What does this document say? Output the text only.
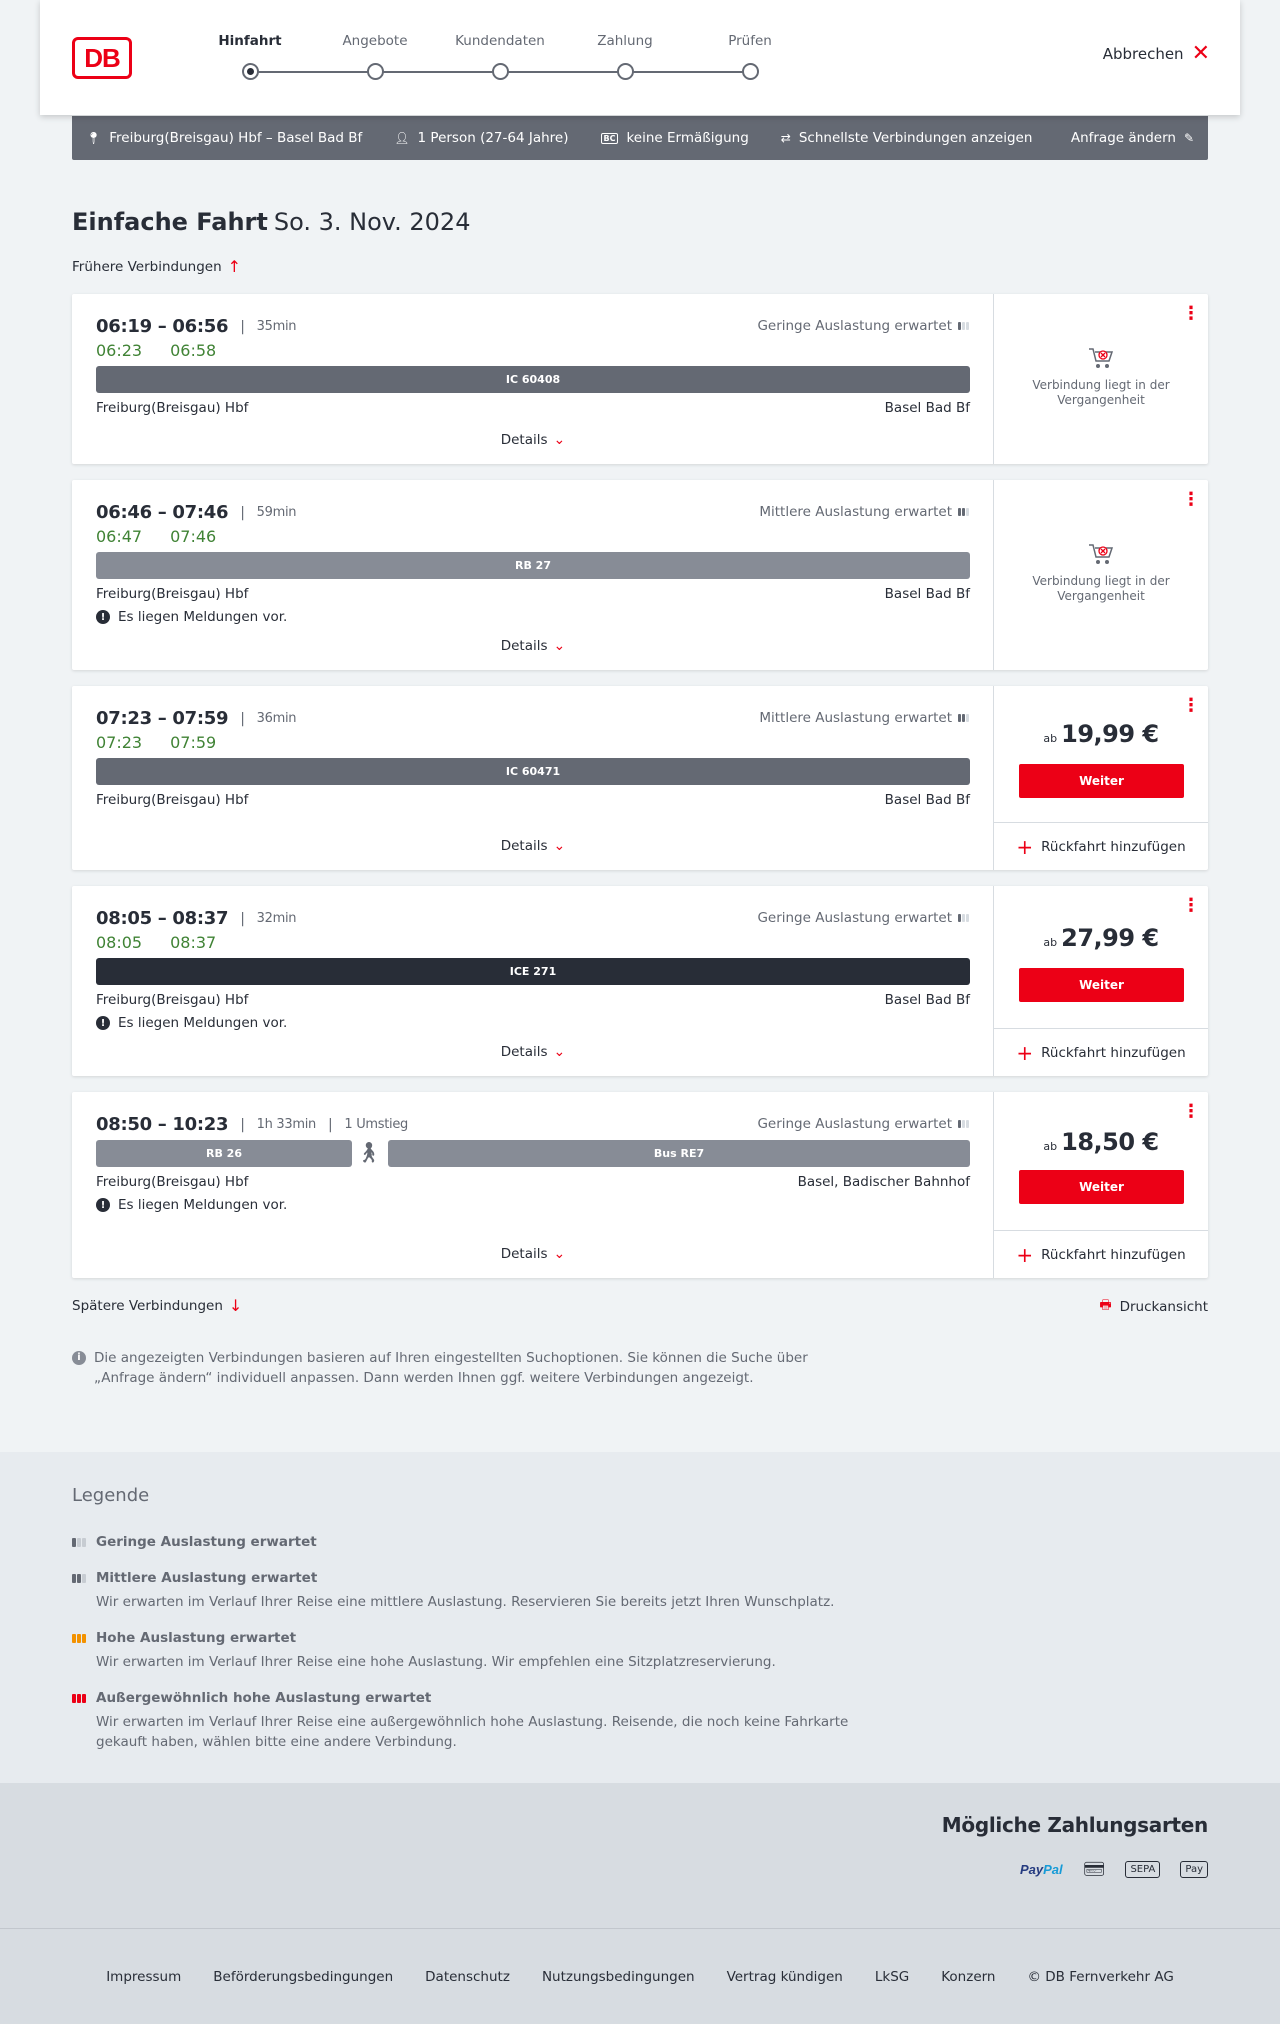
DB
Hinfahrt	Angebote	Kundendaten	Zahlung	Prüfen
Abbrechen ✕
📍︎ Freiburg(Breisgau) Hbf – Basel Bad Bf	👤︎ 1 Person (27-64 Jahre)	BC keine Ermäßigung	⇄ Schnellste Verbindungen anzeigen	Anfrage ändern ✎
Einfache Fahrt So. 3. Nov. 2024
Frühere Verbindungen ↑
06:19 – 06:56 | 35min
06:23 06:58
Geringe Auslastung erwartet
IC 60408
Freiburg(Breisgau) Hbf	Basel Bad Bf
Details ⌄
⋮
Verbindung liegt in der Vergangenheit
06:46 – 07:46 | 59min
06:47 07:46
Mittlere Auslastung erwartet
RB 27
Freiburg(Breisgau) Hbf	Basel Bad Bf
! Es liegen Meldungen vor.
Details ⌄
⋮
Verbindung liegt in der Vergangenheit
07:23 – 07:59 | 36min
07:23 07:59
Mittlere Auslastung erwartet
IC 60471
Freiburg(Breisgau) Hbf	Basel Bad Bf
Details ⌄
⋮
ab 19,99 €
Weiter
+ Rückfahrt hinzufügen
08:05 – 08:37 | 32min
08:05 08:37
Geringe Auslastung erwartet
ICE 271
Freiburg(Breisgau) Hbf	Basel Bad Bf
! Es liegen Meldungen vor.
Details ⌄
⋮
ab 27,99 €
Weiter
+ Rückfahrt hinzufügen
08:50 – 10:23 | 1h 33min | 1 Umstieg	Geringe Auslastung erwartet
RB 26	🚶︎	Bus RE7
Freiburg(Breisgau) Hbf	Basel, Badischer Bahnhof
! Es liegen Meldungen vor.
Details ⌄
⋮
ab 18,50 €
Weiter
+ Rückfahrt hinzufügen
Spätere Verbindungen ↓	🖶︎ Druckansicht
i Die angezeigten Verbindungen basieren auf Ihren eingestellten Suchoptionen. Sie können die Suche über „Anfrage ändern“ individuell anpassen. Dann werden Ihnen ggf. weitere Verbindungen angezeigt.
Legende
Geringe Auslastung erwartet
Mittlere Auslastung erwartet
Wir erwarten im Verlauf Ihrer Reise eine mittlere Auslastung. Reservieren Sie bereits jetzt Ihren Wunschplatz.
Hohe Auslastung erwartet
Wir erwarten im Verlauf Ihrer Reise eine hohe Auslastung. Wir empfehlen eine Sitzplatzreservierung.
Außergewöhnlich hohe Auslastung erwartet
Wir erwarten im Verlauf Ihrer Reise eine außergewöhnlich hohe Auslastung. Reisende, die noch keine Fahrkarte gekauft haben, wählen bitte eine andere Verbindung.
Mögliche Zahlungsarten
PayPal 💳︎	SEPA	Pay
Impressum Beförderungsbedingungen Datenschutz Nutzungsbedingungen Vertrag kündigen LkSG Konzern © DB Fernverkehr AG
